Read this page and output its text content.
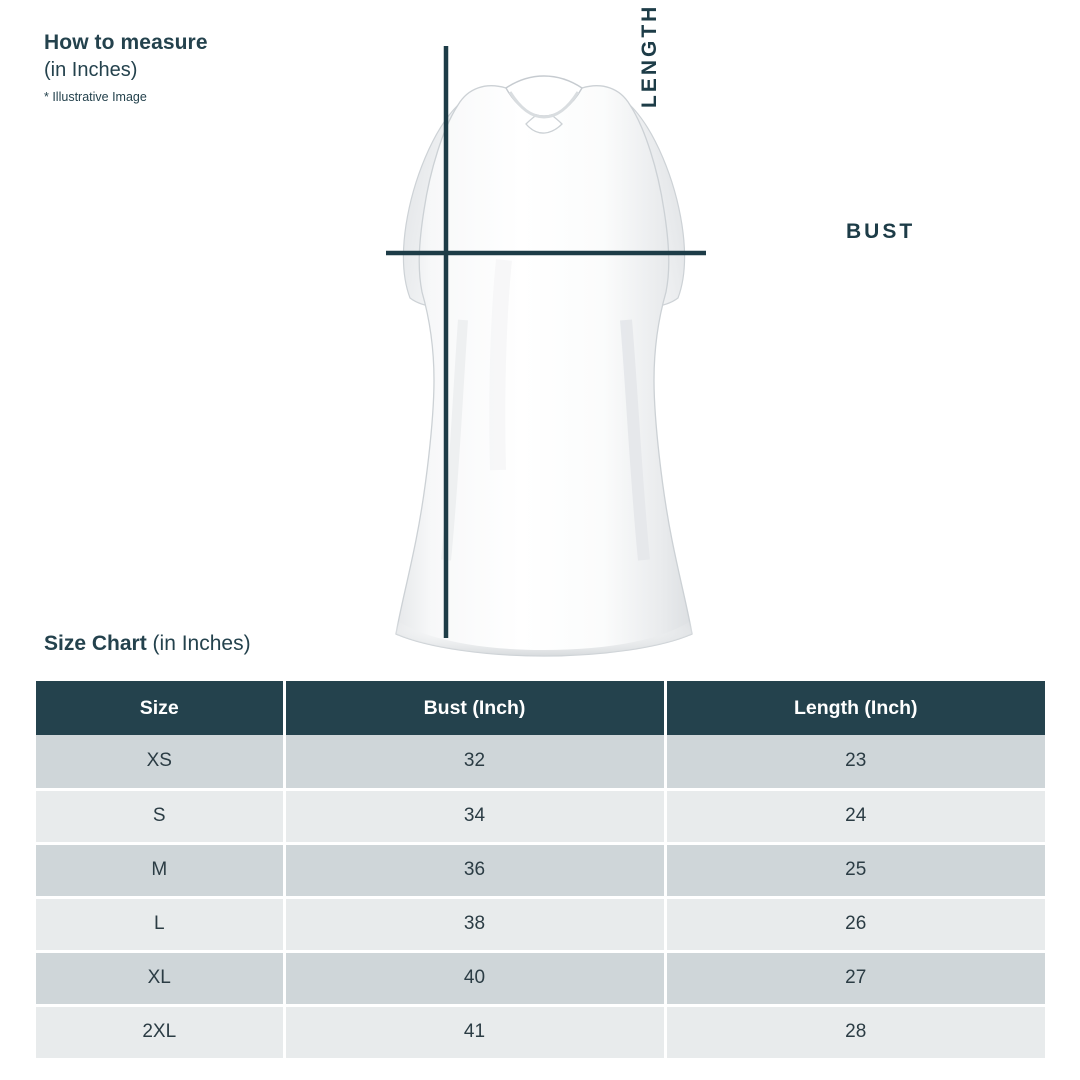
How to measure
(in Inches)
* Illustrative Image	LENGTH
BUST
Size Chart (in Inches)
Size	Bust (Inch)	Length (Inch)
XS	32	23
S	34	24
M	36	25
L	38	26
XL	40	27
2XL	41	28
